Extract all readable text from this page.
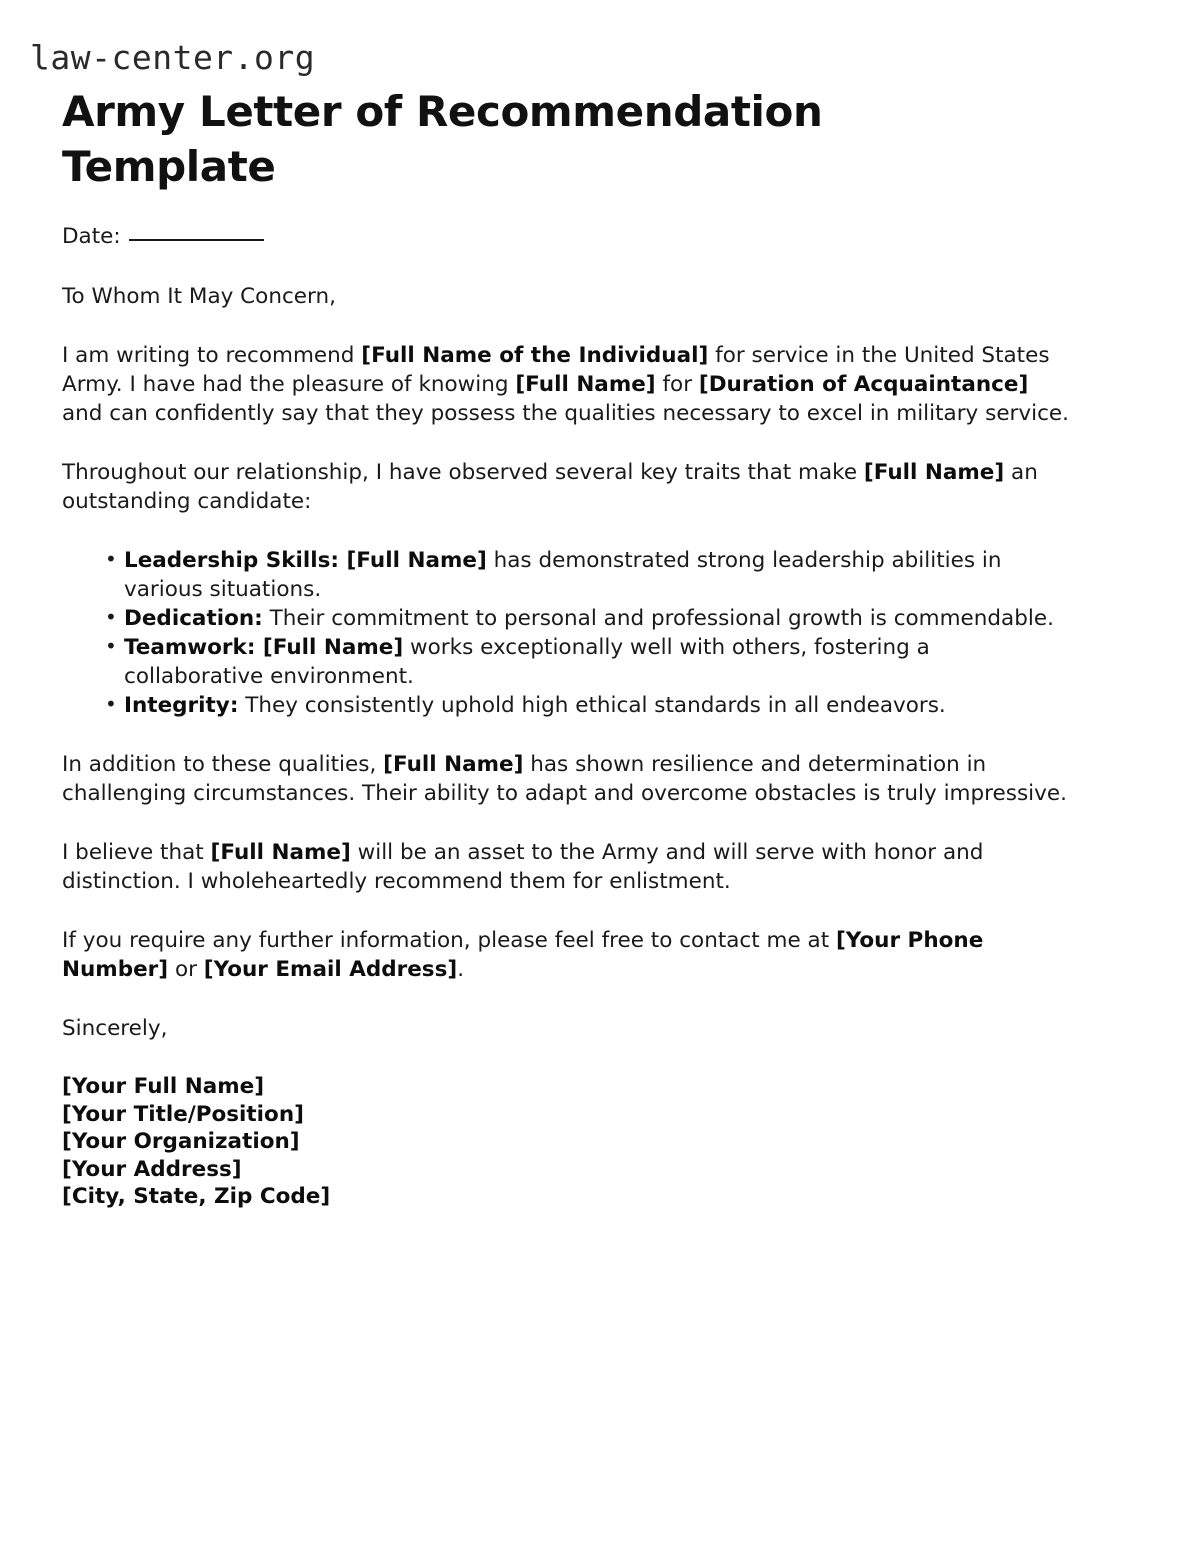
law-center.org
Army Letter of Recommendation Template

Date:

To Whom It May Concern,

I am writing to recommend [Full Name of the Individual] for service in the United States Army. I have had the pleasure of knowing [Full Name] for [Duration of Acquaintance] and can confidently say that they possess the qualities necessary to excel in military service.

Throughout our relationship, I have observed several key traits that make [Full Name] an outstanding candidate:

• Leadership Skills: [Full Name] has demonstrated strong leadership abilities in various situations.
• Dedication: Their commitment to personal and professional growth is commendable.
• Teamwork: [Full Name] works exceptionally well with others, fostering a collaborative environment.
• Integrity: They consistently uphold high ethical standards in all endeavors.

In addition to these qualities, [Full Name] has shown resilience and determination in challenging circumstances. Their ability to adapt and overcome obstacles is truly impressive.

I believe that [Full Name] will be an asset to the Army and will serve with honor and distinction. I wholeheartedly recommend them for enlistment.

If you require any further information, please feel free to contact me at [Your Phone Number] or [Your Email Address].

Sincerely,

[Your Full Name]
[Your Title/Position]
[Your Organization]
[Your Address]
[City, State, Zip Code]
